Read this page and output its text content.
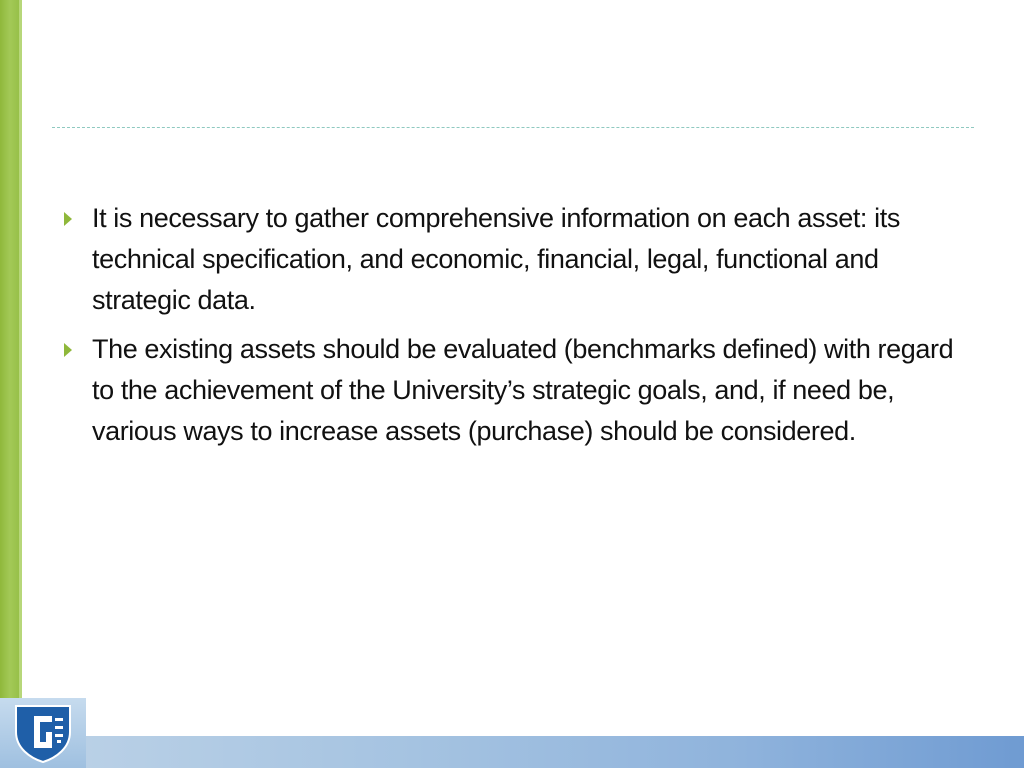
It is necessary to gather comprehensive information on each asset: its technical specification, and economic, financial, legal, functional and strategic data.
The existing assets should be evaluated (benchmarks defined) with regard to the achievement of the University’s strategic goals, and, if need be, various ways to increase assets (purchase) should be considered.
